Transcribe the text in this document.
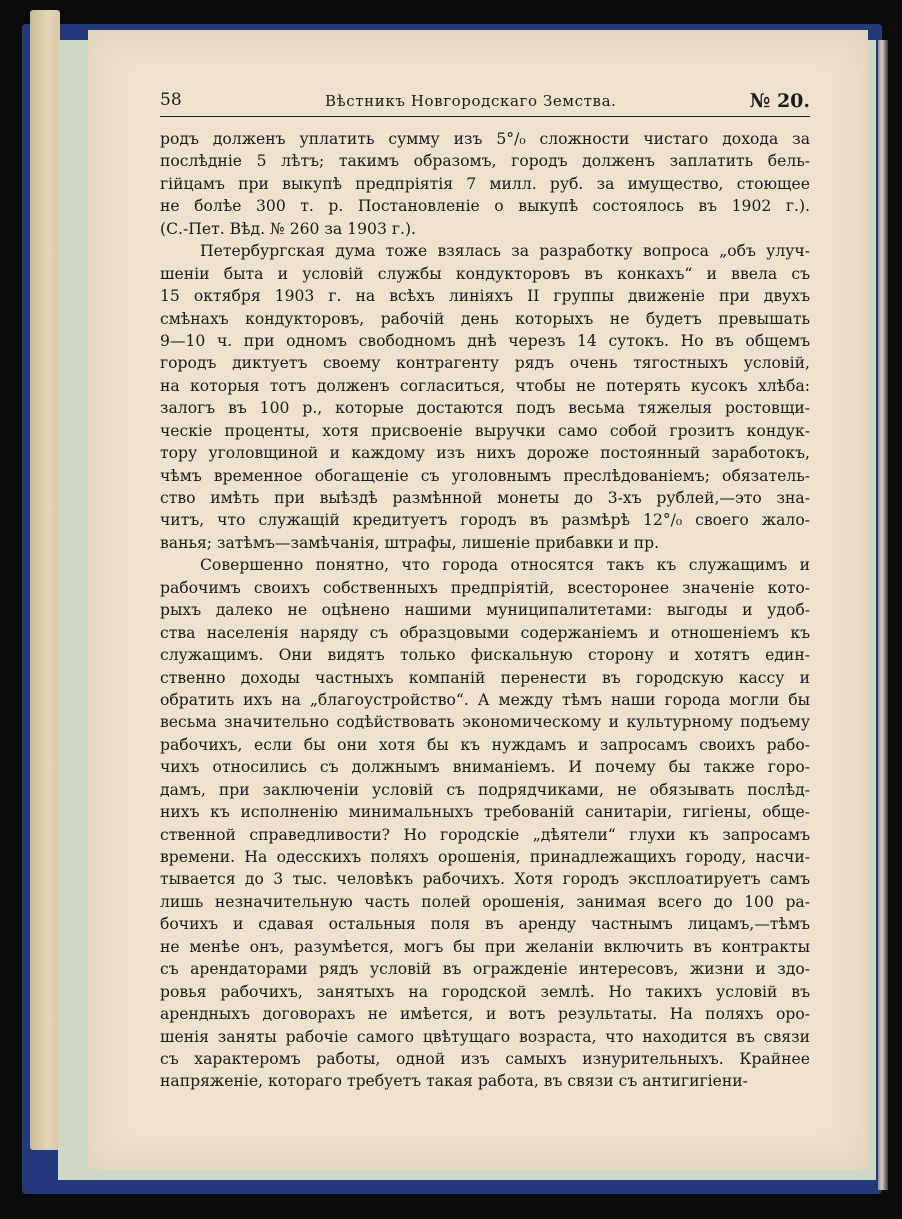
58	Вѣстникъ Новгородскаго Земства.	№ 20.
родъ долженъ уплатить сумму изъ 5°/₀ сложности чистаго дохода за
послѣдніе 5 лѣтъ; такимъ образомъ, городъ долженъ заплатить бель-
гійцамъ при выкупѣ предпріятія 7 милл. руб. за имущество, стоющее
не болѣе 300 т. р. Постановленіе о выкупѣ состоялось въ 1902 г.).
(С.-Пет. Вѣд. № 260 за 1903 г.).
Петербургская дума тоже взялась за разработку вопроса „объ улуч-
шеніи быта и условій службы кондукторовъ въ конкахъ“ и ввела съ
15 октября 1903 г. на всѣхъ линіяхъ II группы движеніе при двухъ
смѣнахъ кондукторовъ, рабочій день которыхъ не будетъ превышать
9—10 ч. при одномъ свободномъ днѣ черезъ 14 сутокъ. Но въ общемъ
городъ диктуетъ своему контрагенту рядъ очень тягостныхъ условій,
на которыя тотъ долженъ согласиться, чтобы не потерять кусокъ хлѣба:
залогъ въ 100 р., которые достаются подъ весьма тяжелыя ростовщи-
ческіе проценты, хотя присвоеніе выручки само собой грозитъ кондук-
тору уголовщиной и каждому изъ нихъ дороже постоянный заработокъ,
чѣмъ временное обогащеніе съ уголовнымъ преслѣдованіемъ; обязатель-
ство имѣть при выѣздѣ размѣнной монеты до 3-хъ рублей,—это зна-
читъ, что служащій кредитуетъ городъ въ размѣрѣ 12°/₀ своего жало-
ванья; затѣмъ—замѣчанія, штрафы, лишеніе прибавки и пр.
Совершенно понятно, что города относятся такъ къ служащимъ и
рабочимъ своихъ собственныхъ предпріятій, всесторонее значеніе кото-
рыхъ далеко не оцѣнено нашими муниципалитетами: выгоды и удоб-
ства населенія наряду съ образцовыми содержаніемъ и отношеніемъ къ
служащимъ. Они видятъ только фискальную сторону и хотятъ един-
ственно доходы частныхъ компаній перенести въ городскую кассу и
обратить ихъ на „благоустройство“. А между тѣмъ наши города могли бы
весьма значительно содѣйствовать экономическому и культурному подъему
рабочихъ, если бы они хотя бы къ нуждамъ и запросамъ своихъ рабо-
чихъ относились съ должнымъ вниманіемъ. И почему бы также горо-
дамъ, при заключеніи условій съ подрядчиками, не обязывать послѣд-
нихъ къ исполненію минимальныхъ требованій санитаріи, гигіены, обще-
ственной справедливости? Но городскіе „дѣятели“ глухи къ запросамъ
времени. На одесскихъ поляхъ орошенія, принадлежащихъ городу, насчи-
тывается до 3 тыс. человѣкъ рабочихъ. Хотя городъ эксплоатируетъ самъ
лишь незначительную часть полей орошенія, занимая всего до 100 ра-
бочихъ и сдавая остальныя поля въ аренду частнымъ лицамъ,—тѣмъ
не менѣе онъ, разумѣется, могъ бы при желаніи включить въ контракты
съ арендаторами рядъ условій въ огражденіе интересовъ, жизни и здо-
ровья рабочихъ, занятыхъ на городской землѣ. Но такихъ условій въ
арендныхъ договорахъ не имѣется, и вотъ результаты. На поляхъ оро-
шенія заняты рабочіе самого цвѣтущаго возраста, что находится въ связи
съ характеромъ работы, одной изъ самыхъ изнурительныхъ. Крайнее
напряженіе, котораго требуетъ такая работа, въ связи съ антигигіени-
